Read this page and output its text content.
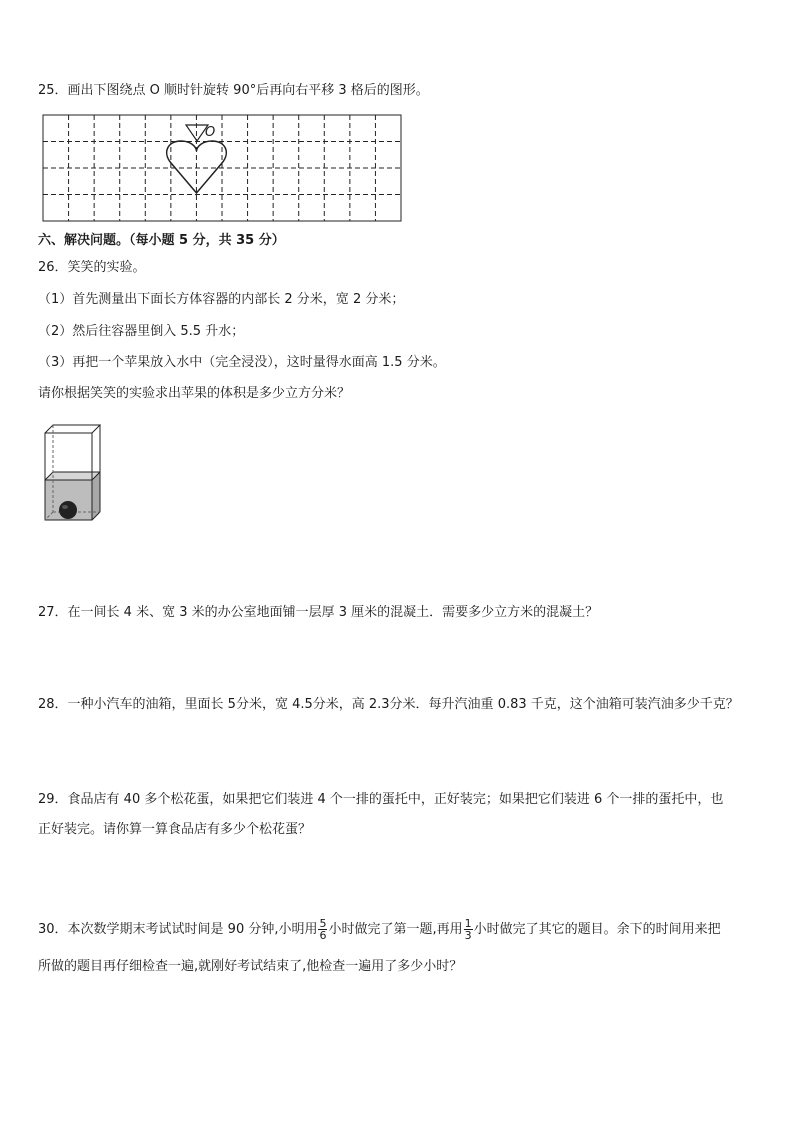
25．画出下图绕点 O 顺时针旋转 90°后再向右平移 3 格后的图形。
O
六、解决问题。（每小题 5 分，共 35 分）
26．笑笑的实验。
（1）首先测量出下面长方体容器的内部长 2 分米，宽 2 分米；
（2）然后往容器里倒入 5.5 升水；
（3）再把一个苹果放入水中（完全浸没），这时量得水面高 1.5 分米。
请你根据笑笑的实验求出苹果的体积是多少立方分米？
27．在一间长 4 米、宽 3 米的办公室地面铺一层厚 3 厘米的混凝土．需要多少立方米的混凝土？
28．一种小汽车的油箱，里面长 5分米，宽 4.5分米，高 2.3分米．每升汽油重 0.83 千克，这个油箱可装汽油多少千克？
29．食品店有 40 多个松花蛋，如果把它们装进 4 个一排的蛋托中，正好装完；如果把它们装进 6 个一排的蛋托中，也
正好装完。请你算一算食品店有多少个松花蛋？
30．本次数学期末考试试时间是 90 分钟,小明用 $\frac{5}{6}$ 小时做完了第一题,再用 $\frac{1}{3}$ 小时做完了其它的题目。余下的时间用来把
所做的题目再仔细检查一遍,就刚好考试结束了,他检查一遍用了多少小时？
